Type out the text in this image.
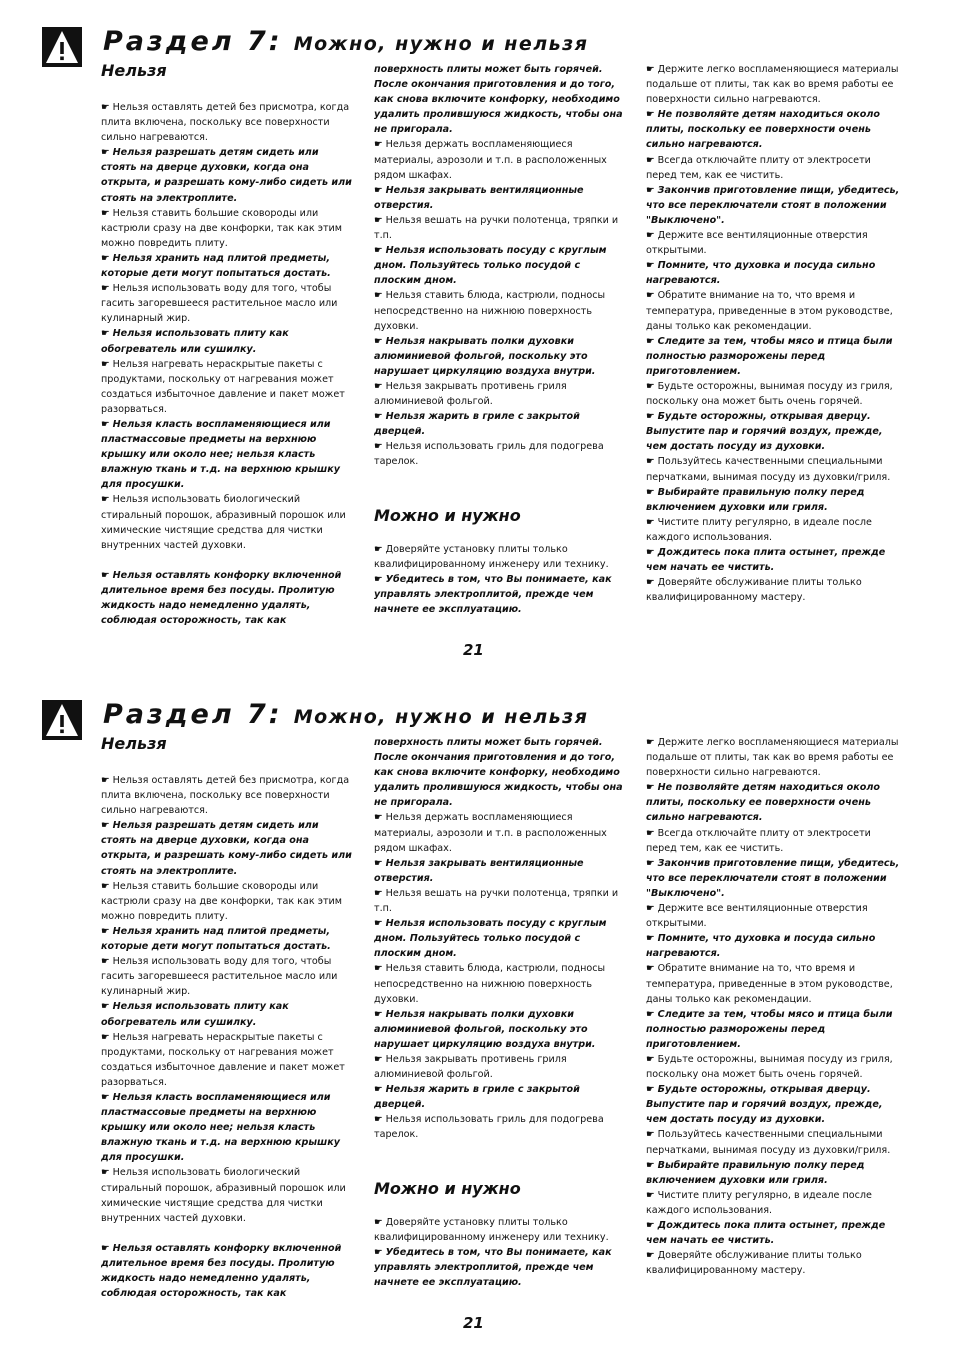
Раздел 7: Можно, нужно и нельзя
Нельзя

☛ Нельзя оставлять детей без присмотра, когда плита включена, поскольку все поверхности сильно нагреваются.

☛ Нельзя разрешать детям сидеть или стоять на дверце духовки, когда она открыта, и разрешать кому-либо сидеть или стоять на электроплите.

☛ Нельзя ставить большие сковороды или кастрюли сразу на две конфорки, так как этим можно повредить плиту.

☛ Нельзя хранить над плитой предметы, которые дети могут попытаться достать.

☛ Нельзя использовать воду для того, чтобы гасить загоревшееся растительное масло или кулинарный жир.

☛ Нельзя использовать плиту как обогреватель или сушилку.

☛ Нельзя нагревать нераскрытые пакеты с продуктами, поскольку от нагревания может создаться избыточное давление и пакет может разорваться.

☛ Нельзя класть воспламеняющиеся или пластмассовые предметы на верхнюю крышку или около нее; нельзя класть влажную ткань и т.д. на верхнюю крышку для просушки.

☛ Нельзя использовать биологический стиральный порошок, абразивный порошок или химические чистящие средства для чистки внутренних частей духовки.

☛ Нельзя оставлять конфорку включенной длительное время без посуды. Пролитую жидкость надо немедленно удалять, соблюдая осторожность, так как

поверхность плиты может быть горячей. После окончания приготовления и до того, как снова включите конфорку, необходимо удалить пролившуюся жидкость, чтобы она не пригорала.

☛ Нельзя держать воспламеняющиеся материалы, аэрозоли и т.п. в расположенных рядом шкафах.

☛ Нельзя закрывать вентиляционные отверстия.

☛ Нельзя вешать на ручки полотенца, тряпки и т.п.

☛ Нельзя использовать посуду с круглым дном. Пользуйтесь только посудой с плоским дном.

☛ Нельзя ставить блюда, кастрюли, подносы непосредственно на нижнюю поверхность духовки.

☛ Нельзя накрывать полки духовки алюминиевой фольгой, поскольку это нарушает циркуляцию воздуха внутри.

☛ Нельзя закрывать противень гриля алюминиевой фольгой.

☛ Нельзя жарить в гриле с закрытой дверцей.

☛ Нельзя использовать гриль для подогрева тарелок.

Можно и нужно

☛ Доверяйте установку плиты только квалифицированному инженеру или технику.

☛ Убедитесь в том, что Вы понимаете, как управлять электроплитой, прежде чем начнете ее эксплуатацию.

☛ Держите легко воспламеняющиеся материалы подальше от плиты, так как во время работы ее поверхности сильно нагреваются.

☛ Не позволяйте детям находиться около плиты, поскольку ее поверхности очень сильно нагреваются.

☛ Всегда отключайте плиту от электросети перед тем, как ее чистить.

☛ Закончив приготовление пищи, убедитесь, что все переключатели стоят в положении "Выключено".

☛ Держите все вентиляционные отверстия открытыми.

☛ Помните, что духовка и посуда сильно нагреваются.

☛ Обратите внимание на то, что время и температура, приведенные в этом руководстве, даны только как рекомендации.

☛ Следите за тем, чтобы мясо и птица были полностью разморожены перед приготовлением.

☛ Будьте осторожны, вынимая посуду из гриля, поскольку она может быть очень горячей.

☛ Будьте осторожны, открывая дверцу. Выпустите пар и горячий воздух, прежде, чем достать посуду из духовки.

☛ Пользуйтесь качественными специальными перчатками, вынимая посуду из духовки/гриля.

☛ Выбирайте правильную полку перед включением духовки или гриля.

☛ Чистите плиту регулярно, в идеале после каждого использования.

☛ Дождитесь пока плита остынет, прежде чем начать ее чистить.

☛ Доверяйте обслуживание плиты только квалифицированному мастеру.

21
Раздел 7: Можно, нужно и нельзя
Нельзя

☛ Нельзя оставлять детей без присмотра, когда плита включена, поскольку все поверхности сильно нагреваются.

☛ Нельзя разрешать детям сидеть или стоять на дверце духовки, когда она открыта, и разрешать кому-либо сидеть или стоять на электроплите.

☛ Нельзя ставить большие сковороды или кастрюли сразу на две конфорки, так как этим можно повредить плиту.

☛ Нельзя хранить над плитой предметы, которые дети могут попытаться достать.

☛ Нельзя использовать воду для того, чтобы гасить загоревшееся растительное масло или кулинарный жир.

☛ Нельзя использовать плиту как обогреватель или сушилку.

☛ Нельзя нагревать нераскрытые пакеты с продуктами, поскольку от нагревания может создаться избыточное давление и пакет может разорваться.

☛ Нельзя класть воспламеняющиеся или пластмассовые предметы на верхнюю крышку или около нее; нельзя класть влажную ткань и т.д. на верхнюю крышку для просушки.

☛ Нельзя использовать биологический стиральный порошок, абразивный порошок или химические чистящие средства для чистки внутренних частей духовки.

☛ Нельзя оставлять конфорку включенной длительное время без посуды. Пролитую жидкость надо немедленно удалять, соблюдая осторожность, так как

поверхность плиты может быть горячей. После окончания приготовления и до того, как снова включите конфорку, необходимо удалить пролившуюся жидкость, чтобы она не пригорала.

☛ Нельзя держать воспламеняющиеся материалы, аэрозоли и т.п. в расположенных рядом шкафах.

☛ Нельзя закрывать вентиляционные отверстия.

☛ Нельзя вешать на ручки полотенца, тряпки и т.п.

☛ Нельзя использовать посуду с круглым дном. Пользуйтесь только посудой с плоским дном.

☛ Нельзя ставить блюда, кастрюли, подносы непосредственно на нижнюю поверхность духовки.

☛ Нельзя накрывать полки духовки алюминиевой фольгой, поскольку это нарушает циркуляцию воздуха внутри.

☛ Нельзя закрывать противень гриля алюминиевой фольгой.

☛ Нельзя жарить в гриле с закрытой дверцей.

☛ Нельзя использовать гриль для подогрева тарелок.

Можно и нужно

☛ Доверяйте установку плиты только квалифицированному инженеру или технику.

☛ Убедитесь в том, что Вы понимаете, как управлять электроплитой, прежде чем начнете ее эксплуатацию.

☛ Держите легко воспламеняющиеся материалы подальше от плиты, так как во время работы ее поверхности сильно нагреваются.

☛ Не позволяйте детям находиться около плиты, поскольку ее поверхности очень сильно нагреваются.

☛ Всегда отключайте плиту от электросети перед тем, как ее чистить.

☛ Закончив приготовление пищи, убедитесь, что все переключатели стоят в положении "Выключено".

☛ Держите все вентиляционные отверстия открытыми.

☛ Помните, что духовка и посуда сильно нагреваются.

☛ Обратите внимание на то, что время и температура, приведенные в этом руководстве, даны только как рекомендации.

☛ Следите за тем, чтобы мясо и птица были полностью разморожены перед приготовлением.

☛ Будьте осторожны, вынимая посуду из гриля, поскольку она может быть очень горячей.

☛ Будьте осторожны, открывая дверцу. Выпустите пар и горячий воздух, прежде, чем достать посуду из духовки.

☛ Пользуйтесь качественными специальными перчатками, вынимая посуду из духовки/гриля.

☛ Выбирайте правильную полку перед включением духовки или гриля.

☛ Чистите плиту регулярно, в идеале после каждого использования.

☛ Дождитесь пока плита остынет, прежде чем начать ее чистить.

☛ Доверяйте обслуживание плиты только квалифицированному мастеру.

21
